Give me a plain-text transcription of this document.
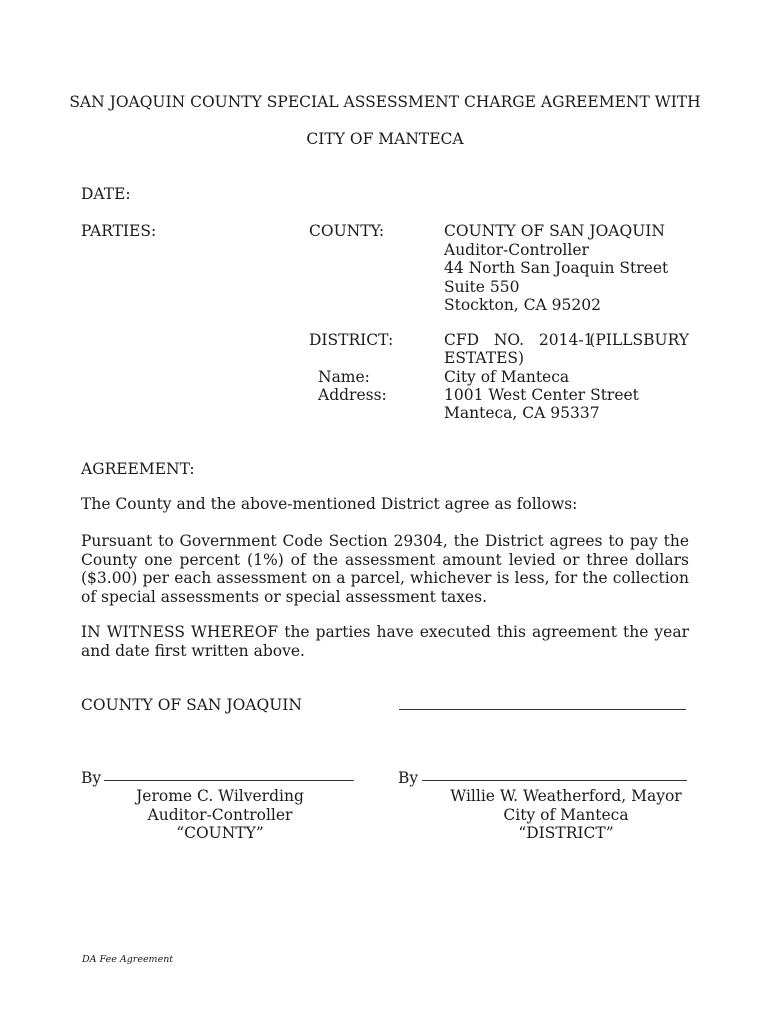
SAN JOAQUIN COUNTY SPECIAL ASSESSMENT CHARGE AGREEMENT WITH
CITY OF MANTECA
DATE:
PARTIES:	COUNTY:	COUNTY OF SAN JOAQUIN
Auditor-Controller
44 North San Joaquin Street
Suite 550
Stockton, CA 95202
DISTRICT:	CFD   NO.   2014-1
(PILLSBURY
ESTATES)
Name:	City of Manteca
Address:	1001 West Center Street
Manteca, CA 95337
AGREEMENT:
The County and the above-mentioned District agree as follows:
Pursuant to Government Code Section 29304, the District agrees to pay the County one percent (1%) of the assessment amount levied or three dollars ($3.00) per each assessment on a parcel, whichever is less, for the collection of special assessments or special assessment taxes.
IN WITNESS WHEREOF the parties have executed this agreement the year and date first written above.
COUNTY OF SAN JOAQUIN
By	By
Jerome C. Wilverding
Auditor-Controller
“COUNTY”
Willie W. Weatherford, Mayor
City of Manteca
“DISTRICT”
DA Fee Agreement
